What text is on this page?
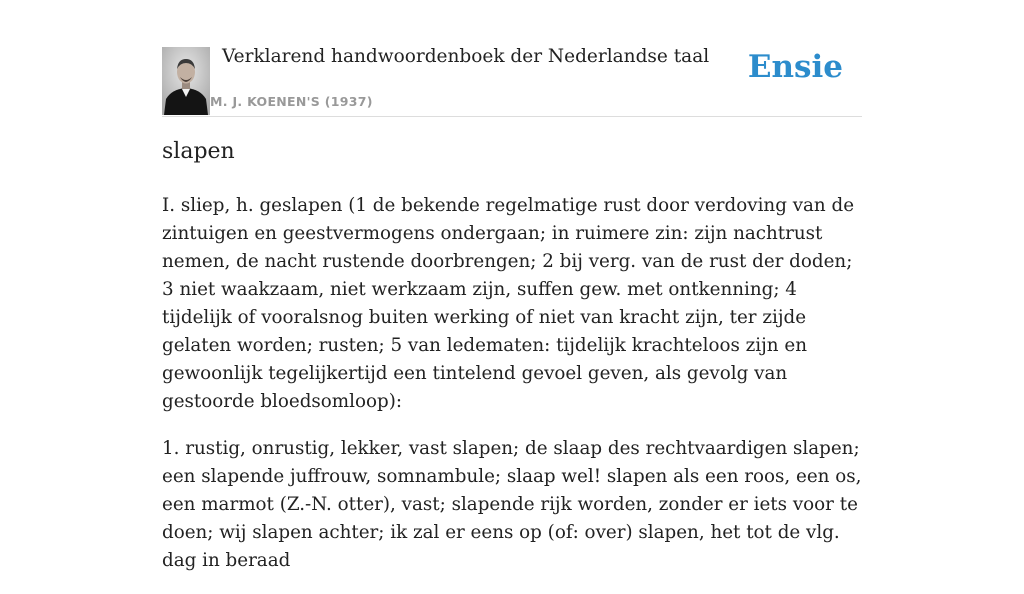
Verklarend handwoordenboek der Nederlandse taal
M. J. KOENEN'S (1937)
Ensie
slapen

I. sliep, h. geslapen (1 de bekende regelmatige rust door verdoving van de zintuigen en geestvermogens ondergaan; in ruimere zin: zijn nachtrust nemen, de nacht rustende doorbrengen; 2 bij verg. van de rust der doden; 3 niet waakzaam, niet werkzaam zijn, suffen gew. met ontkenning; 4 tijdelijk of vooralsnog buiten werking of niet van kracht zijn, ter zijde gelaten worden; rusten; 5 van ledematen: tijdelijk krachteloos zijn en gewoonlijk tegelijkertijd een tintelend gevoel geven, als gevolg van gestoorde bloedsomloop):

1. rustig, onrustig, lekker, vast slapen; de slaap des rechtvaardigen slapen; een slapende juffrouw, somnambule; slaap wel! slapen als een roos, een os, een marmot (Z.-N. otter), vast; slapende rijk worden, zonder er iets voor te doen; wij slapen achter; ik zal er eens op (of: over) slapen, het tot de vlg. dag in beraad
